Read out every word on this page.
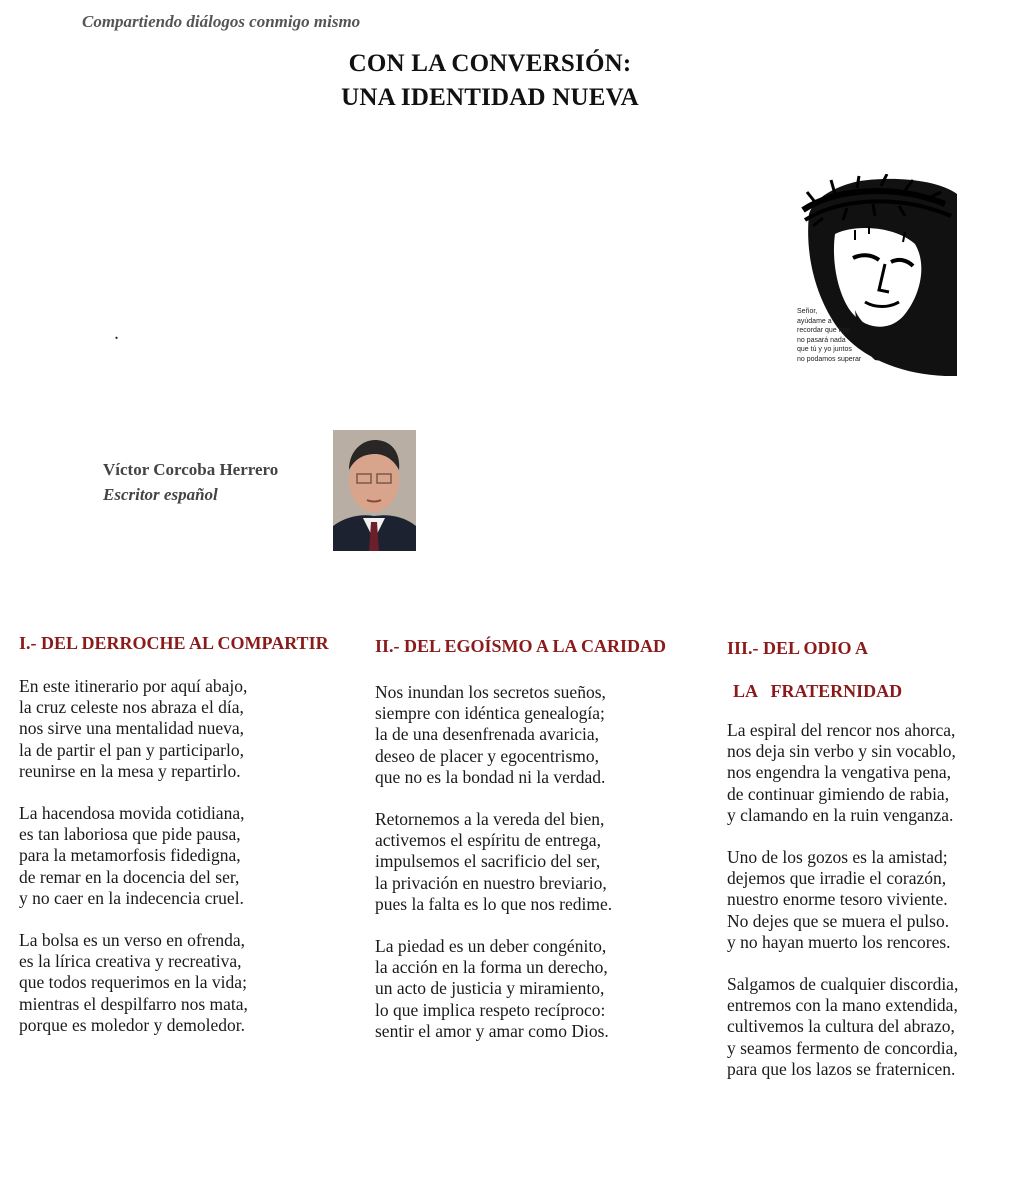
Compartiendo diálogos conmigo mismo
CON LA CONVERSIÓN:
UNA IDENTIDAD NUEVA
.
Señor,
ayúdame a
recordar que hoy
no pasará nada
que tú y yo juntos
no podamos superar
Víctor Corcoba Herrero
Escritor español
I.- DEL DERROCHE AL COMPARTIR
En este itinerario por aquí abajo,
la cruz celeste nos abraza el día,
nos sirve una mentalidad nueva,
la de partir el pan y participarlo,
reunirse en la mesa y repartirlo.
La hacendosa movida cotidiana,
es tan laboriosa que pide pausa,
para la metamorfosis fidedigna,
de remar en la docencia del ser,
y no caer en la indecencia cruel.
La bolsa es un verso en ofrenda,
es la lírica creativa y recreativa,
que todos requerimos en la vida;
mientras el despilfarro nos mata,
porque es moledor y demoledor.
II.- DEL EGOÍSMO A LA CARIDAD
Nos inundan los secretos sueños,
siempre con idéntica genealogía;
la de una desenfrenada avaricia,
deseo de placer y egocentrismo,
que no es la bondad ni la verdad.
Retornemos a la vereda del bien,
activemos el espíritu de entrega,
impulsemos el sacrificio del ser,
la privación en nuestro breviario,
pues la falta es lo que nos redime.
La piedad es un deber congénito,
la acción en la forma un derecho,
un acto de justicia y miramiento,
lo que implica respeto recíproco:
sentir el amor y amar como Dios.
III.- DEL ODIO A
LA   FRATERNIDAD
La espiral del rencor nos ahorca,
nos deja sin verbo y sin vocablo,
nos engendra la vengativa pena,
de continuar gimiendo de rabia,
y clamando en la ruin venganza.
Uno de los gozos es la amistad;
dejemos que irradie el corazón,
nuestro enorme tesoro viviente.
No dejes que se muera el pulso.
y no hayan muerto los rencores.
Salgamos de cualquier discordia,
entremos con la mano extendida,
cultivemos la cultura del abrazo,
y seamos fermento de concordia,
para que los lazos se fraternicen.
